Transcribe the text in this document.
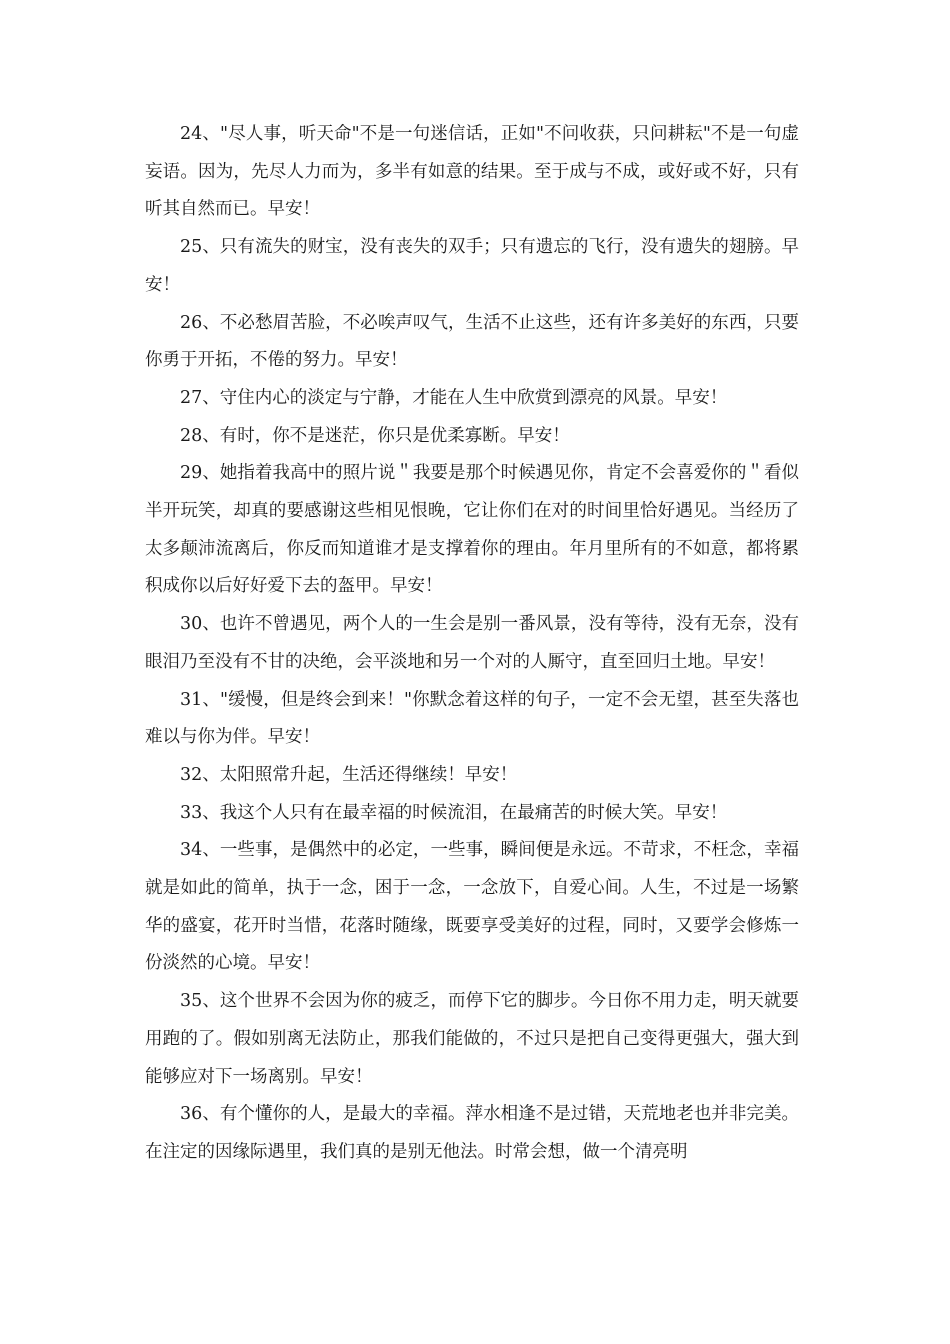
24、"尽人事，听天命"不是一句迷信话，正如"不问收获，只问耕耘"不是一句虚妄语。因为，先尽人力而为，多半有如意的结果。至于成与不成，或好或不好，只有听其自然而已。早安！

25、只有流失的财宝，没有丧失的双手；只有遗忘的飞行，没有遗失的翅膀。早安！

26、不必愁眉苦脸，不必唉声叹气，生活不止这些，还有许多美好的东西，只要你勇于开拓，不倦的努力。早安！

27、守住内心的淡定与宁静，才能在人生中欣赏到漂亮的风景。早安！

28、有时，你不是迷茫，你只是优柔寡断。早安！

29、她指着我高中的照片说＂我要是那个时候遇见你，肯定不会喜爱你的＂看似半开玩笑，却真的要感谢这些相见恨晚，它让你们在对的时间里恰好遇见。当经历了太多颠沛流离后，你反而知道谁才是支撑着你的理由。年月里所有的不如意，都将累积成你以后好好爱下去的盔甲。早安！

30、也许不曾遇见，两个人的一生会是别一番风景，没有等待，没有无奈，没有眼泪乃至没有不甘的决绝，会平淡地和另一个对的人厮守，直至回归土地。早安！

31、"缓慢，但是终会到来！"你默念着这样的句子，一定不会无望，甚至失落也难以与你为伴。早安！

32、太阳照常升起，生活还得继续！早安！

33、我这个人只有在最幸福的时候流泪，在最痛苦的时候大笑。早安！

34、一些事，是偶然中的必定，一些事，瞬间便是永远。不苛求，不枉念，幸福就是如此的简单，执于一念，困于一念，一念放下，自爱心间。人生，不过是一场繁华的盛宴，花开时当惜，花落时随缘，既要享受美好的过程，同时，又要学会修炼一份淡然的心境。早安！

35、这个世界不会因为你的疲乏，而停下它的脚步。今日你不用力走，明天就要用跑的了。假如别离无法防止，那我们能做的，不过只是把自己变得更强大，强大到能够应对下一场离别。早安！

36、有个懂你的人，是最大的幸福。萍水相逢不是过错，天荒地老也并非完美。在注定的因缘际遇里，我们真的是别无他法。时常会想，做一个清亮明
